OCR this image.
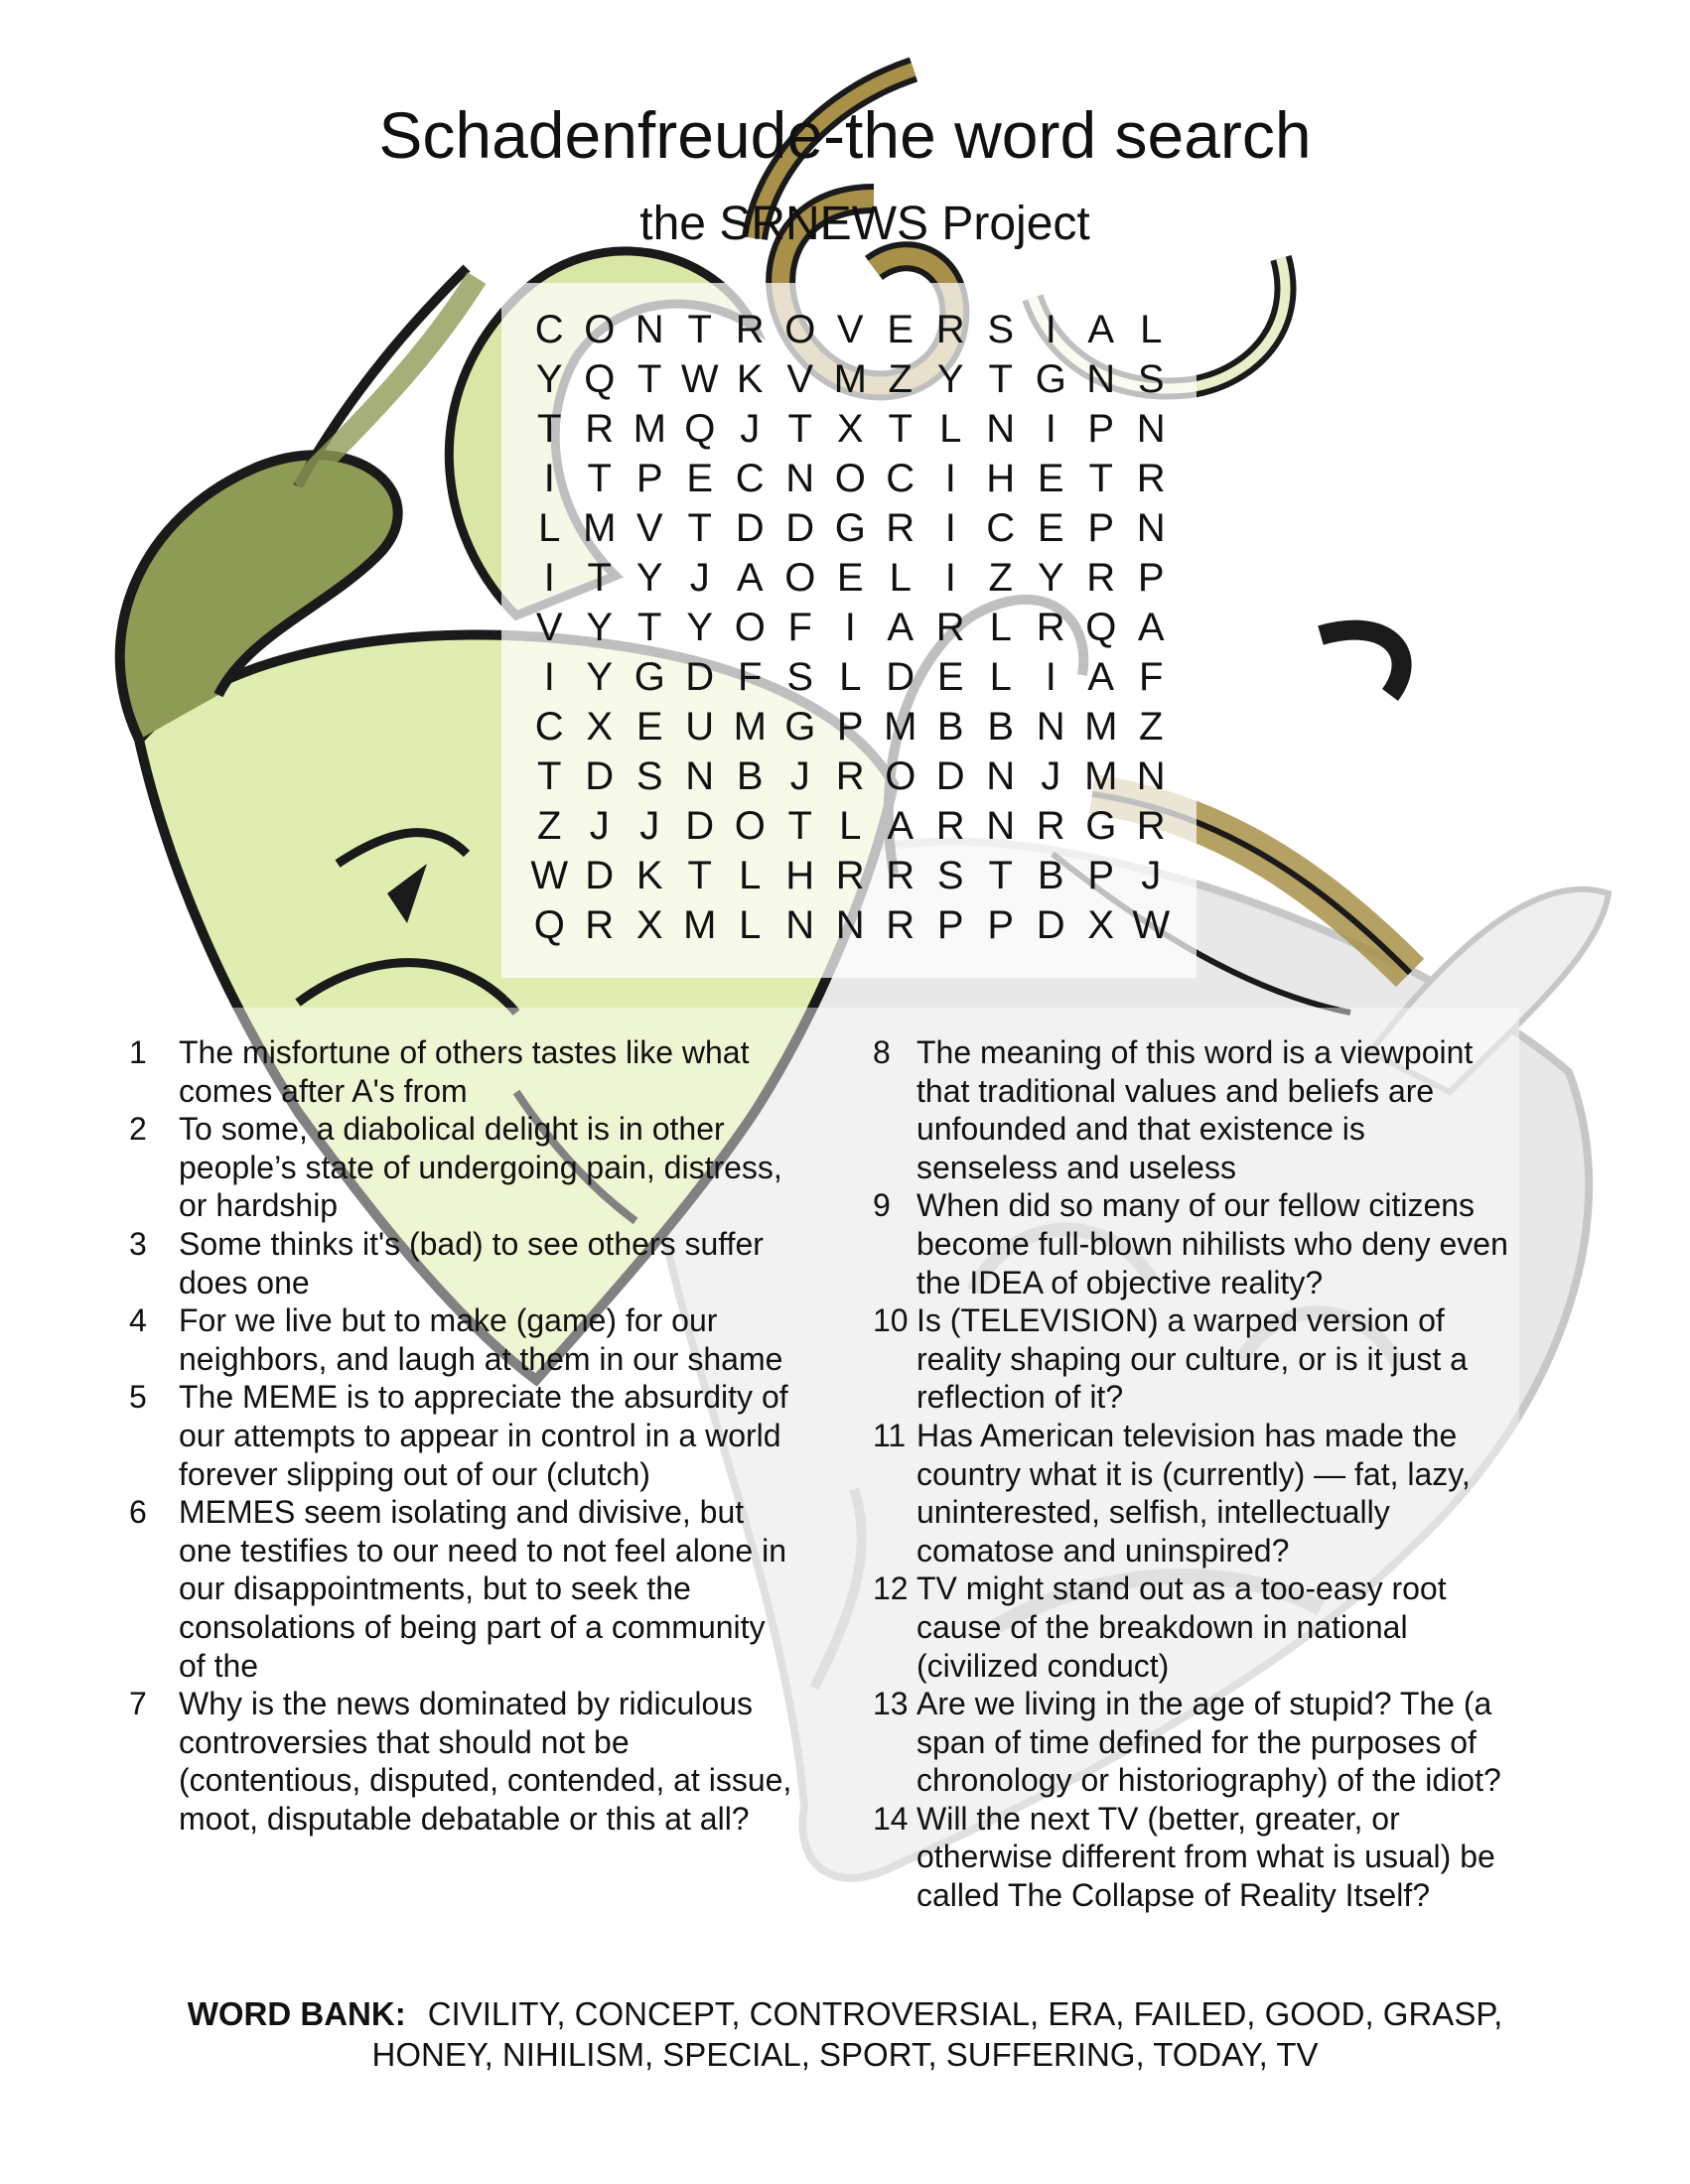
Schadenfreude-the word search
the SRNEWS Project
C O N T R O V E R S I A L
Y Q T W K V M Z Y T G N S
T R M Q J T X T L N I P N
I T P E C N O C I H E T R
L M V T D D G R I C E P N
I T Y J A O E L I Z Y R P
V Y T Y O F I A R L R Q A
I Y G D F S L D E L I A F
C X E U M G P M B B N M Z
T D S N B J R O D N J M N
Z J J D O T L A R N R G R
W D K T L H R R S T B P J
Q R X M L N N R P P D X W
1	The misfortune of others tastes like what comes after A's from
2	To some, a diabolical delight is in other people’s state of undergoing pain, distress, or hardship
3	Some thinks it's (bad) to see others suffer does one
4	For we live but to make (game) for our neighbors, and laugh at them in our shame
5	The MEME is to appreciate the absurdity of our attempts to appear in control in a world forever slipping out of our (clutch)
6	MEMES seem isolating and divisive, but one testifies to our need to not feel alone in our disappointments, but to seek the consolations of being part of a community of the
7	Why is the news dominated by ridiculous controversies that should not be (contentious, disputed, contended, at issue, moot, disputable debatable or this at all?
8 The meaning of this word is a viewpoint that traditional values and beliefs are unfounded and that existence is senseless and useless
9 When did so many of our fellow citizens become full-blown nihilists who deny even the IDEA of objective reality?
10 Is (TELEVISION) a warped version of reality shaping our culture, or is it just a reflection of it?
11 Has American television has made the country what it is (currently) — fat, lazy, uninterested, selfish, intellectually comatose and uninspired?
12 TV might stand out as a too-easy root cause of the breakdown in national (civilized conduct)
13 Are we living in the age of stupid? The (a span of time defined for the purposes of chronology or historiography) of the idiot?
14 Will the next TV (better, greater, or otherwise different from what is usual) be called The Collapse of Reality Itself?
WORD BANK: CIVILITY, CONCEPT, CONTROVERSIAL, ERA, FAILED, GOOD, GRASP,
HONEY, NIHILISM, SPECIAL, SPORT, SUFFERING, TODAY, TV
